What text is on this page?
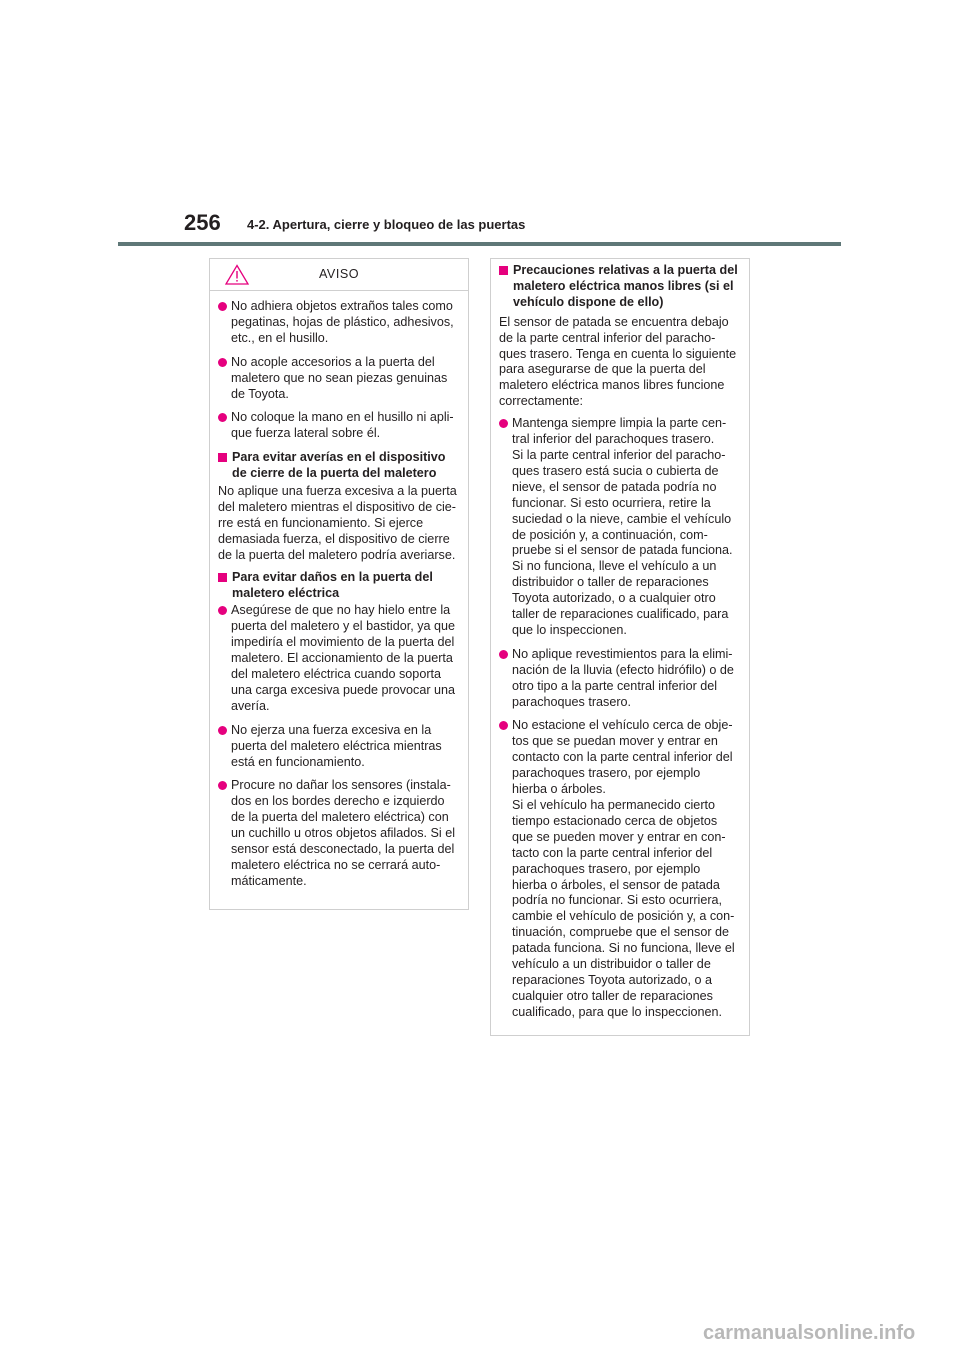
256 4-2. Apertura, cierre y bloqueo de las puertas
AVISO
No adhiera objetos extraños tales como
pegatinas, hojas de plástico, adhesivos,
etc., en el husillo.
No acople accesorios a la puerta del
maletero que no sean piezas genuinas
de Toyota.
No coloque la mano en el husillo ni apli-
que fuerza lateral sobre él.
Para evitar averías en el dispositivo
de cierre de la puerta del maletero
No aplique una fuerza excesiva a la puerta
del maletero mientras el dispositivo de cie-
rre está en funcionamiento. Si ejerce
demasiada fuerza, el dispositivo de cierre
de la puerta del maletero podría averiarse.
Para evitar daños en la puerta del
maletero eléctrica
Asegúrese de que no hay hielo entre la
puerta del maletero y el bastidor, ya que
impediría el movimiento de la puerta del
maletero. El accionamiento de la puerta
del maletero eléctrica cuando soporta
una carga excesiva puede provocar una
avería.
No ejerza una fuerza excesiva en la
puerta del maletero eléctrica mientras
está en funcionamiento.
Procure no dañar los sensores (instala-
dos en los bordes derecho e izquierdo
de la puerta del maletero eléctrica) con
un cuchillo u otros objetos afilados. Si el
sensor está desconectado, la puerta del
maletero eléctrica no se cerrará auto-
máticamente.
Precauciones relativas a la puerta del
maletero eléctrica manos libres (si el
vehículo dispone de ello)
El sensor de patada se encuentra debajo
de la parte central inferior del paracho-
ques trasero. Tenga en cuenta lo siguiente
para asegurarse de que la puerta del
maletero eléctrica manos libres funcione
correctamente:
Mantenga siempre limpia la parte cen-
tral inferior del parachoques trasero.
Si la parte central inferior del paracho-
ques trasero está sucia o cubierta de
nieve, el sensor de patada podría no
funcionar. Si esto ocurriera, retire la
suciedad o la nieve, cambie el vehículo
de posición y, a continuación, com-
pruebe si el sensor de patada funciona.
Si no funciona, lleve el vehículo a un
distribuidor o taller de reparaciones
Toyota autorizado, o a cualquier otro
taller de reparaciones cualificado, para
que lo inspeccionen.
No aplique revestimientos para la elimi-
nación de la lluvia (efecto hidrófilo) o de
otro tipo a la parte central inferior del
parachoques trasero.
No estacione el vehículo cerca de obje-
tos que se puedan mover y entrar en
contacto con la parte central inferior del
parachoques trasero, por ejemplo
hierba o árboles.
Si el vehículo ha permanecido cierto
tiempo estacionado cerca de objetos
que se pueden mover y entrar en con-
tacto con la parte central inferior del
parachoques trasero, por ejemplo
hierba o árboles, el sensor de patada
podría no funcionar. Si esto ocurriera,
cambie el vehículo de posición y, a con-
tinuación, compruebe que el sensor de
patada funciona. Si no funciona, lleve el
vehículo a un distribuidor o taller de
reparaciones Toyota autorizado, o a
cualquier otro taller de reparaciones
cualificado, para que lo inspeccionen.
carmanualsonline.info
